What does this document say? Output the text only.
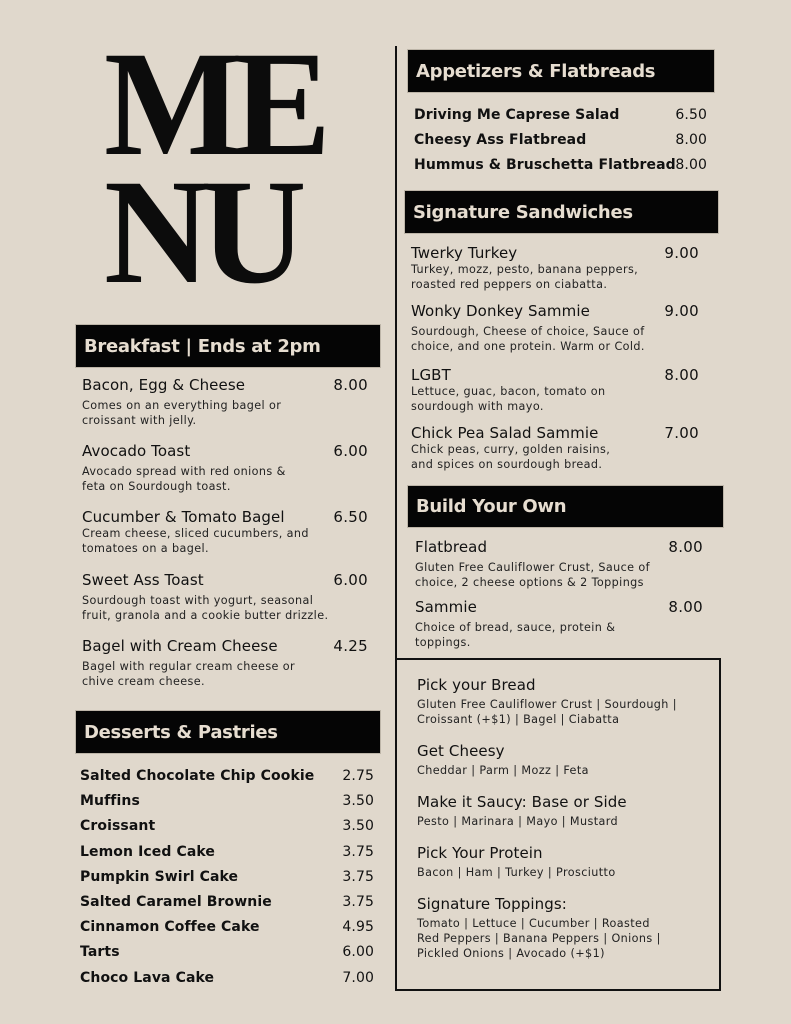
ME
NU
Breakfast | Ends at 2pm
Bacon, Egg & Cheese	8.00
Comes on an everything bagel or croissant with jelly.
Avocado Toast	6.00
Avocado spread with red onions & feta on Sourdough toast.
Cucumber & Tomato Bagel	6.50
Cream cheese, sliced cucumbers, and tomatoes on a bagel.
Sweet Ass Toast	6.00
Sourdough toast with yogurt, seasonal fruit, granola and a cookie butter drizzle.
Bagel with Cream Cheese	4.25
Bagel with regular cream cheese or chive cream cheese.
Desserts & Pastries
Salted Chocolate Chip Cookie 2.75
Muffins	3.50
Croissant	3.50
Lemon Iced Cake	3.75
Pumpkin Swirl Cake	3.75
Salted Caramel Brownie	3.75
Cinnamon Coffee Cake	4.95
Tarts	6.00
Choco Lava Cake	7.00
Appetizers & Flatbreads
Driving Me Caprese Salad	6.50
Cheesy Ass Flatbread	8.00
Hummus & Bruschetta Flatbread 8.00
Signature Sandwiches
Twerky Turkey	9.00
Turkey, mozz, pesto, banana peppers, roasted red peppers on ciabatta.
Wonky Donkey Sammie	9.00
Sourdough, Cheese of choice, Sauce of choice, and one protein. Warm or Cold.
LGBT	8.00
Lettuce, guac, bacon, tomato on sourdough with mayo.
Chick Pea Salad Sammie	7.00
Chick peas, curry, golden raisins, and spices on sourdough bread.
Build Your Own
Flatbread	8.00
Gluten Free Cauliflower Crust, Sauce of choice, 2 cheese options & 2 Toppings
Sammie	8.00
Choice of bread, sauce, protein & toppings.
Pick your Bread
Gluten Free Cauliflower Crust | Sourdough | Croissant (+$1) | Bagel | Ciabatta
Get Cheesy
Cheddar | Parm | Mozz | Feta
Make it Saucy: Base or Side
Pesto | Marinara | Mayo | Mustard
Pick Your Protein
Bacon | Ham | Turkey | Prosciutto
Signature Toppings:
Tomato | Lettuce | Cucumber | Roasted Red Peppers | Banana Peppers | Onions | Pickled Onions | Avocado (+$1)
